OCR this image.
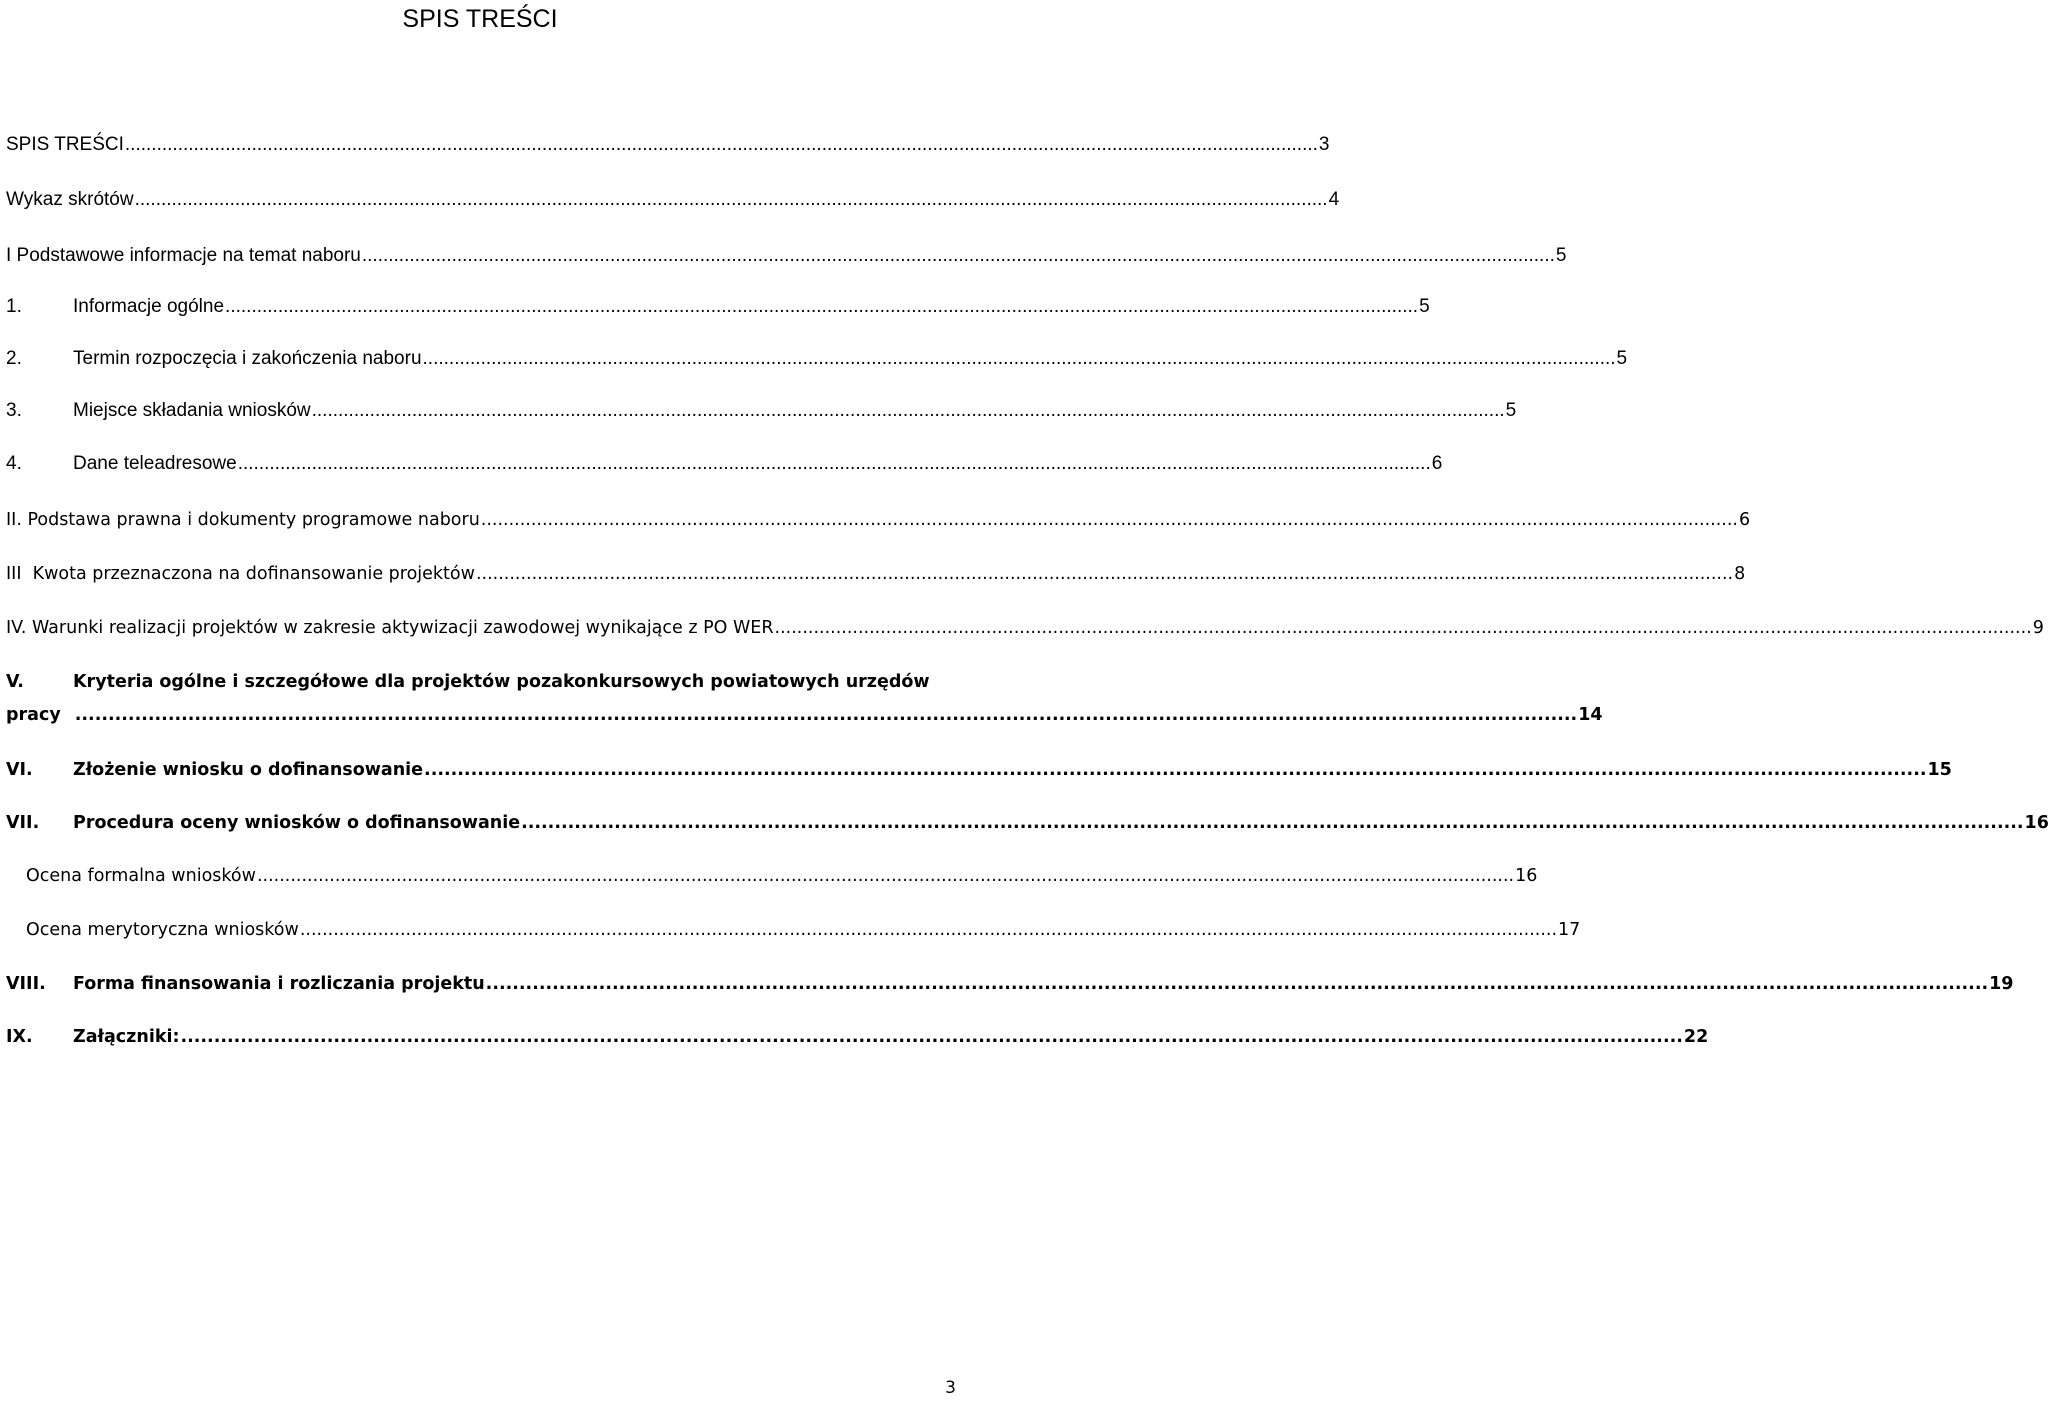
SPIS TREŚCI
SPIS TREŚCI .................................................................................................................................................................................................................................. 3
Wykaz skrótów .................................................................................................................................................................................................................................. 4
I Podstawowe informacje na temat naboru .................................................................................................................................................................................................................................. 5
1.	Informacje ogólne .................................................................................................................................................................................................................................. 5
2.	Termin rozpoczęcia i zakończenia naboru .................................................................................................................................................................................................................................. 5
3.	Miejsce składania wniosków .................................................................................................................................................................................................................................. 5
4.	Dane teleadresowe .................................................................................................................................................................................................................................. 6
II. Podstawa prawna i dokumenty programowe naboru .................................................................................................................................................................................................................................. 6
III  Kwota przeznaczona na dofinansowanie projektów .................................................................................................................................................................................................................................. 8
IV. Warunki realizacji projektów w zakresie aktywizacji zawodowej wynikające z PO WER .................................................................................................................................................................................................................................. 9
V.	Kryteria ogólne i szczegółowe dla projektów pozakonkursowych powiatowych urzędów
pracy .................................................................................................................................................................................................................................. 14
VI.	Złożenie wniosku o dofinansowanie .................................................................................................................................................................................................................................. 15
VII.	Procedura oceny wniosków o dofinansowanie .................................................................................................................................................................................................................................. 16
Ocena formalna wniosków .................................................................................................................................................................................................................................. 16
Ocena merytoryczna wniosków .................................................................................................................................................................................................................................. 17
VIII.	Forma finansowania i rozliczania projektu .................................................................................................................................................................................................................................. 19
IX.	Załączniki: .................................................................................................................................................................................................................................. 22
3
